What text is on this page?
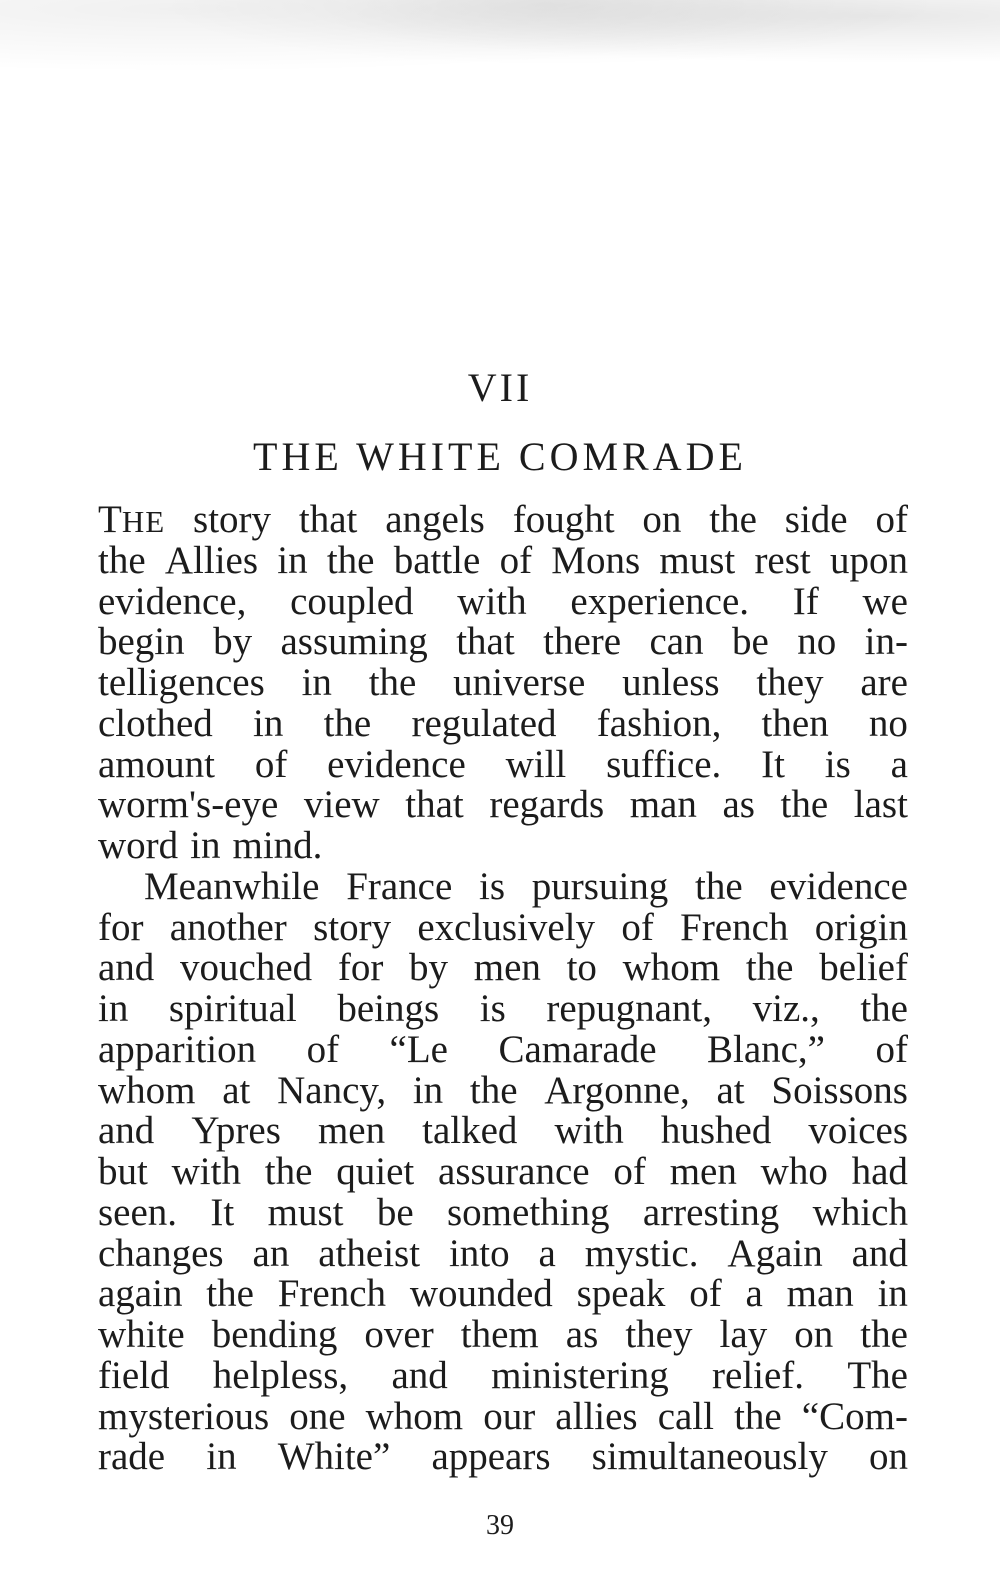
VII
THE WHITE COMRADE
THE story that angels fought on the side of
the Allies in the battle of Mons must rest upon
evidence, coupled with experience. If we
begin by assuming that there can be no in-
telligences in the universe unless they are
clothed in the regulated fashion, then no
amount of evidence will suffice. It is a
worm's-eye view that regards man as the last
word in mind.
Meanwhile France is pursuing the evidence
for another story exclusively of French origin
and vouched for by men to whom the belief
in spiritual beings is repugnant, viz., the
apparition of “Le Camarade Blanc,” of
whom at Nancy, in the Argonne, at Soissons
and Ypres men talked with hushed voices
but with the quiet assurance of men who had
seen. It must be something arresting which
changes an atheist into a mystic. Again and
again the French wounded speak of a man in
white bending over them as they lay on the
field helpless, and ministering relief. The
mysterious one whom our allies call the “Com-
rade in White” appears simultaneously on
39
